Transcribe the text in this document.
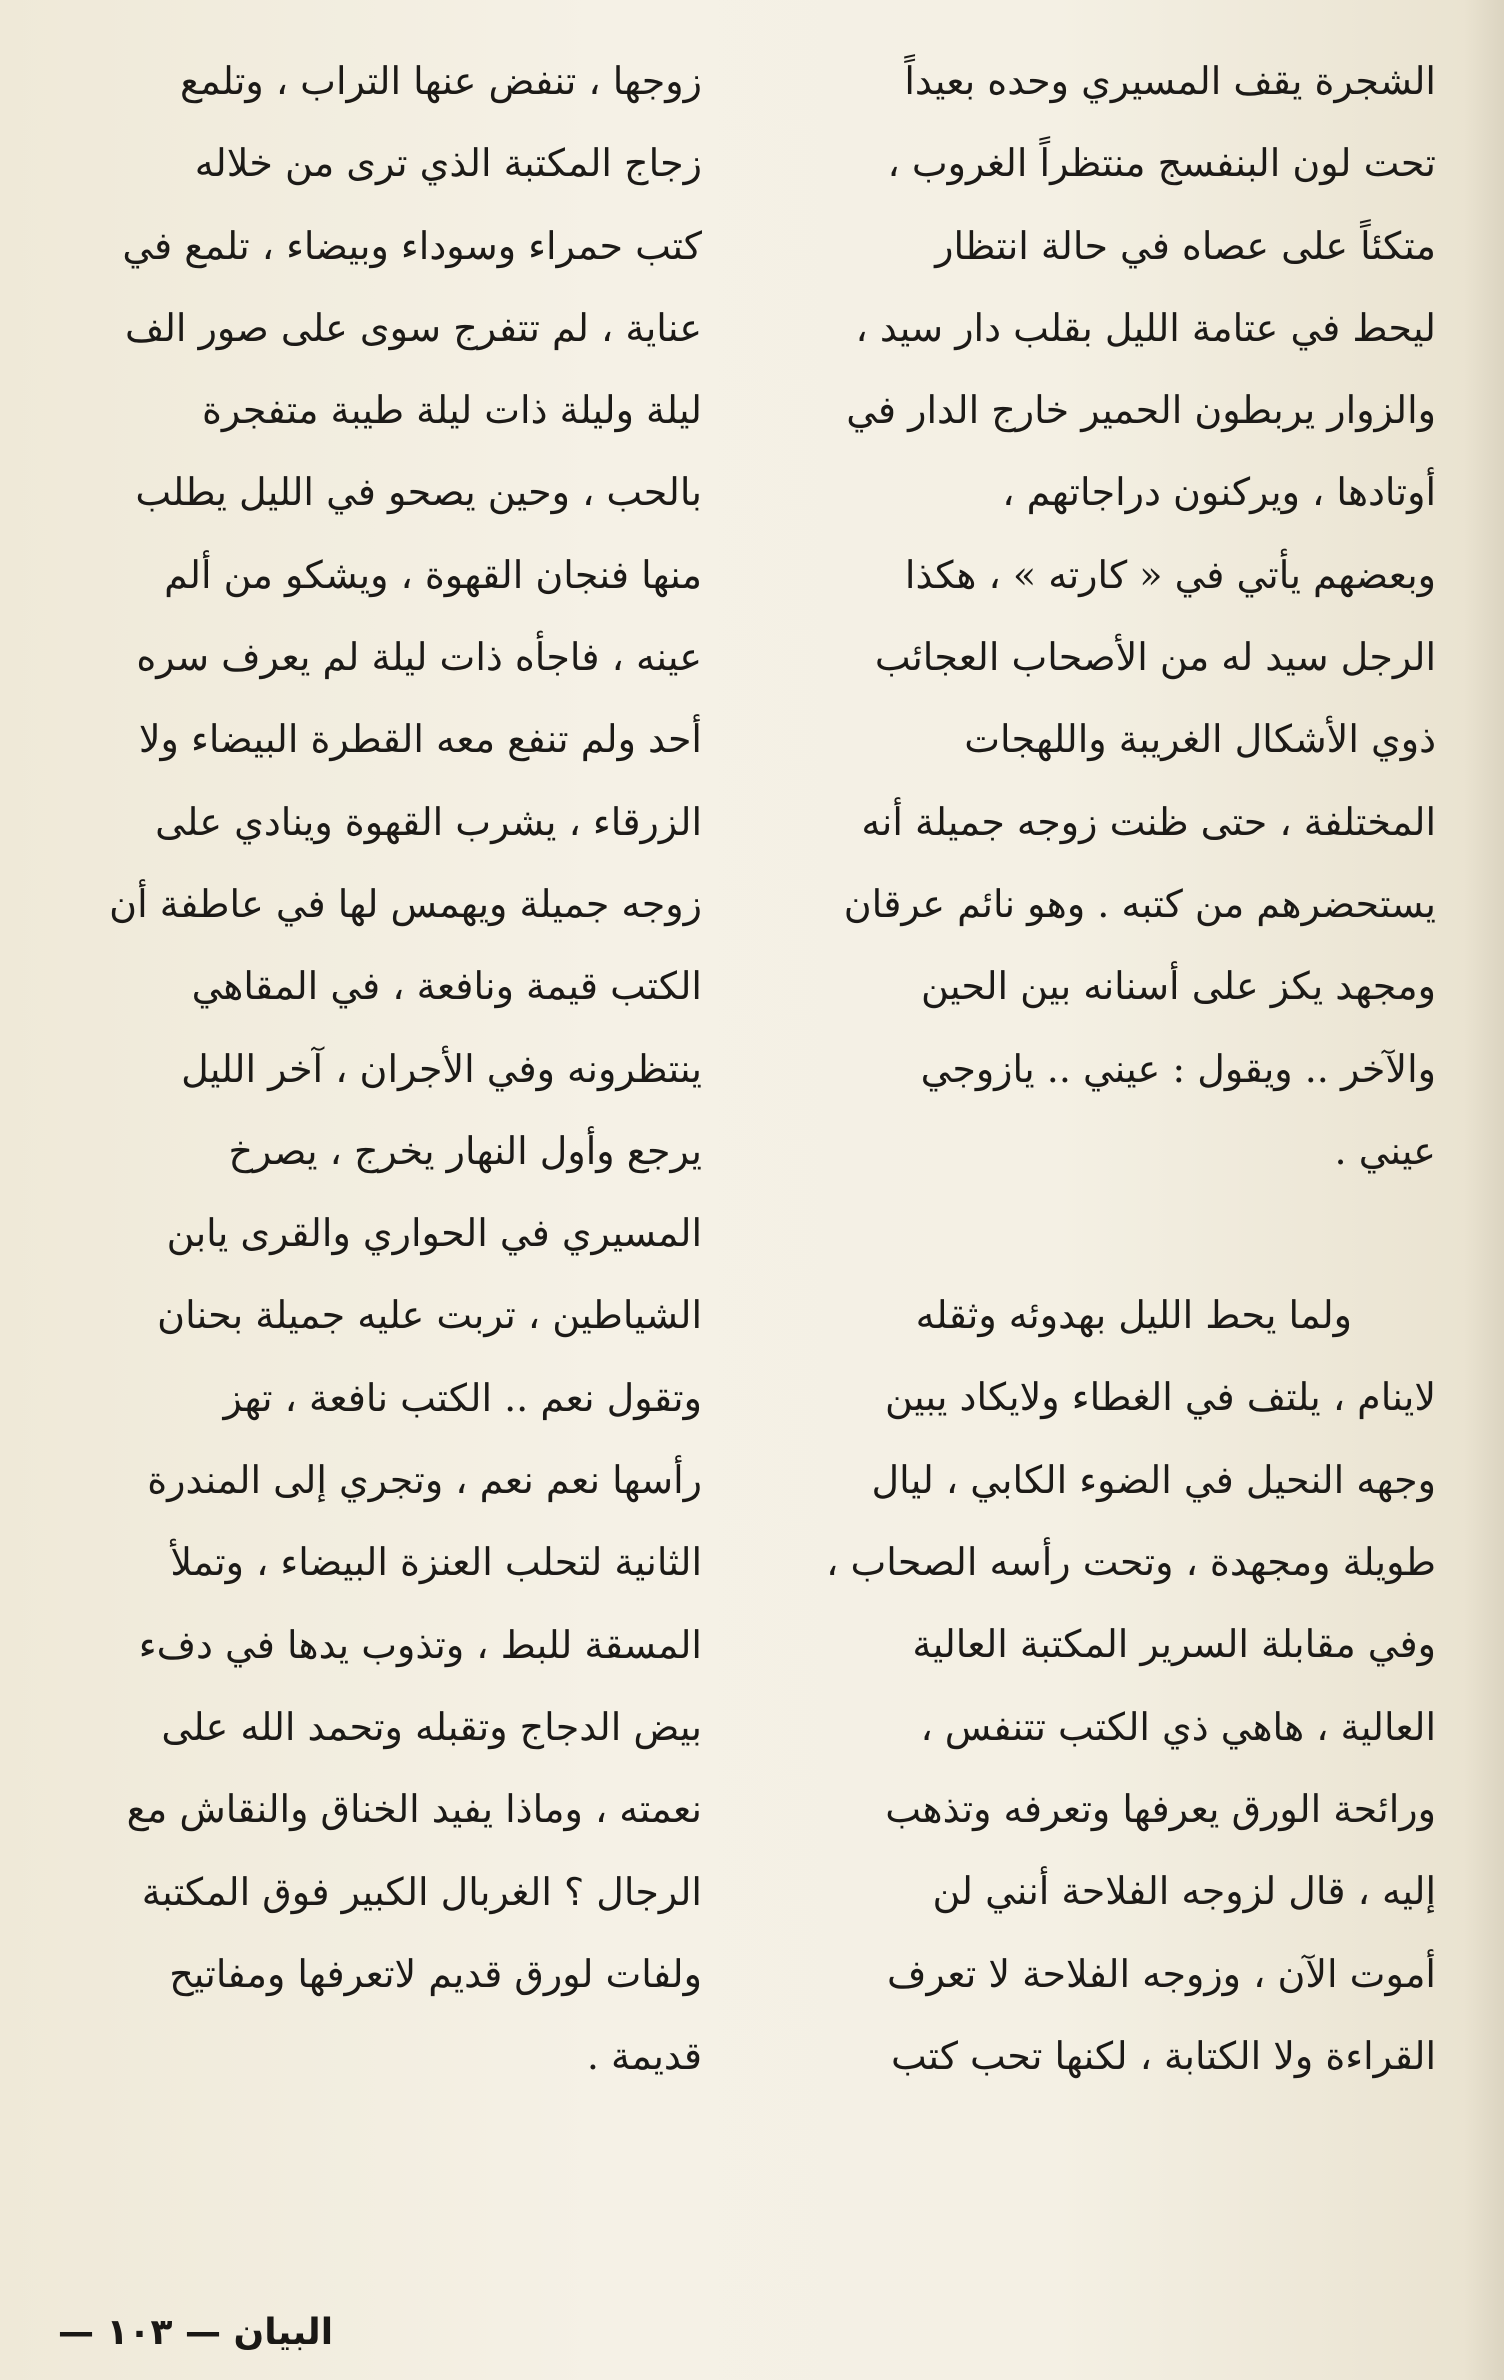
الشجرة يقف المسيري وحده بعيداً
تحت لون البنفسج منتظراً الغروب ،
متكئاً على عصاه في حالة انتظار
ليحط في عتامة الليل بقلب دار سيد ،
والزوار يربطون الحمير خارج الدار في
أوتادها ، ويركنون دراجاتهم ،
وبعضهم يأتي في « كارته » ، هكذا
الرجل سيد له من الأصحاب العجائب
ذوي الأشكال الغريبة واللهجات
المختلفة ، حتى ظنت زوجه جميلة أنه
يستحضرهم من كتبه . وهو نائم عرقان
ومجهد يكز على أسنانه بين الحين
والآخر .. ويقول : عيني .. يازوجي
عيني .
ولما يحط الليل بهدوئه وثقله
لاينام ، يلتف في الغطاء ولايكاد يبين
وجهه النحيل في الضوء الكابي ، ليال
طويلة ومجهدة ، وتحت رأسه الصحاب ،
وفي مقابلة السرير المكتبة العالية
العالية ، هاهي ذي الكتب تتنفس ،
ورائحة الورق يعرفها وتعرفه وتذهب
إليه ، قال لزوجه الفلاحة أنني لن
أموت الآن ، وزوجه الفلاحة لا تعرف
القراءة ولا الكتابة ، لكنها تحب كتب
زوجها ، تنفض عنها التراب ، وتلمع
زجاج المكتبة الذي ترى من خلاله
كتب حمراء وسوداء وبيضاء ، تلمع في
عناية ، لم تتفرج سوى على صور الف
ليلة وليلة ذات ليلة طيبة متفجرة
بالحب ، وحين يصحو في الليل يطلب
منها فنجان القهوة ، ويشكو من ألم
عينه ، فاجأه ذات ليلة لم يعرف سره
أحد ولم تنفع معه القطرة البيضاء ولا
الزرقاء ، يشرب القهوة وينادي على
زوجه جميلة ويهمس لها في عاطفة أن
الكتب قيمة ونافعة ، في المقاهي
ينتظرونه وفي الأجران ، آخر الليل
يرجع وأول النهار يخرج ، يصرخ
المسيري في الحواري والقرى يابن
الشياطين ، تربت عليه جميلة بحنان
وتقول نعم .. الكتب نافعة ، تهز
رأسها نعم نعم ، وتجري إلى المندرة
الثانية لتحلب العنزة البيضاء ، وتملأ
المسقة للبط ، وتذوب يدها في دفء
بيض الدجاج وتقبله وتحمد الله على
نعمته ، وماذا يفيد الخناق والنقاش مع
الرجال ؟ الغربال الكبير فوق المكتبة
ولفات لورق قديم لاتعرفها ومفاتيح
قديمة .
البيان — ١٠٣ —
